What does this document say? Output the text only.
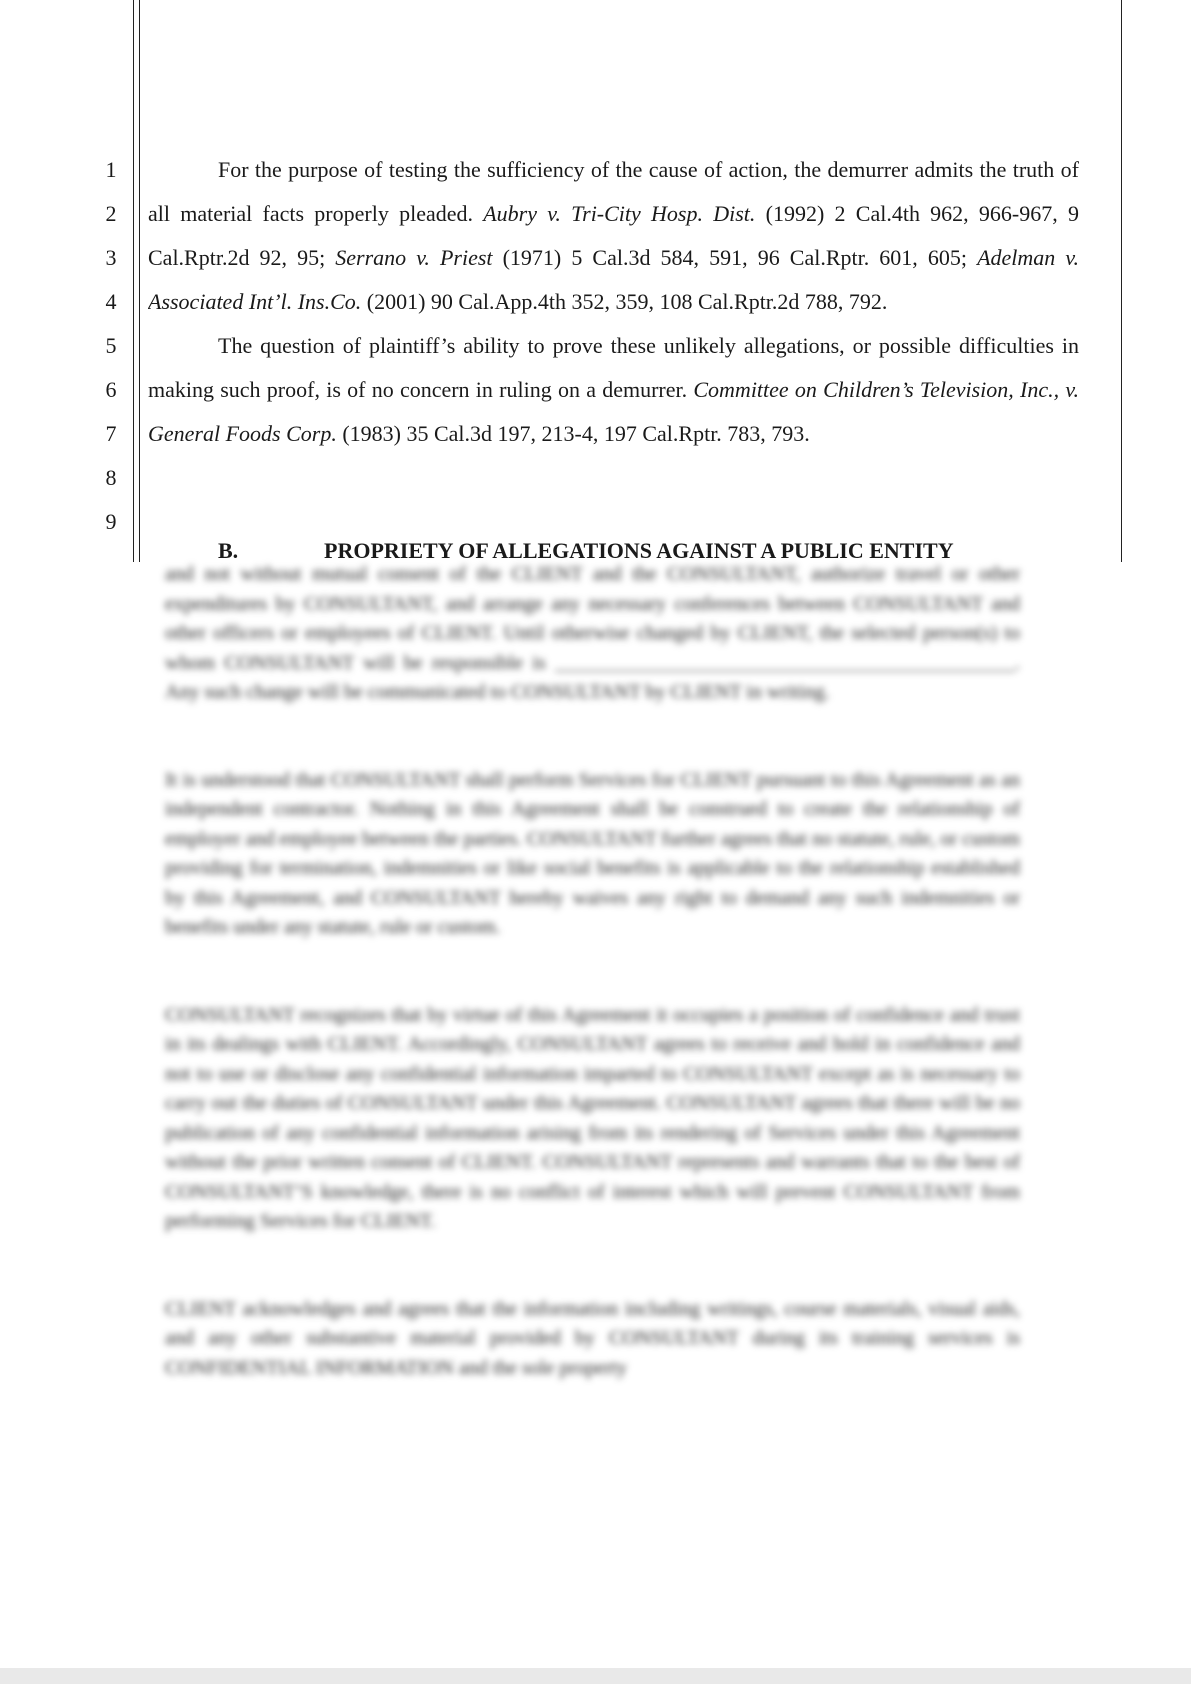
1
2
3
4
5
6
7
8
9

For the purpose of testing the sufficiency of the cause of action, the demurrer admits the truth of all material facts properly pleaded. Aubry v. Tri-City Hosp. Dist. (1992) 2 Cal.4th 962, 966-967, 9 Cal.Rptr.2d 92, 95; Serrano v. Priest (1971) 5 Cal.3d 584, 591, 96 Cal.Rptr. 601, 605; Adelman v. Associated Int’l. Ins.Co. (2001) 90 Cal.App.4th 352, 359, 108 Cal.Rptr.2d 788, 792.

The question of plaintiff’s ability to prove these unlikely allegations, or possible difficulties in making such proof, is of no concern in ruling on a demurrer. Committee on Children’s Television, Inc., v. General Foods Corp. (1983) 35 Cal.3d 197, 213-4, 197 Cal.Rptr. 783, 793.

B.	PROPRIETY OF ALLEGATIONS AGAINST A PUBLIC ENTITY

and not without mutual consent of the CLIENT and the CONSULTANT, authorize travel or other expenditures by CONSULTANT, and arrange any necessary conferences between CONSULTANT and other officers or employees of CLIENT. Until otherwise changed by CLIENT, the selected person(s) to whom CONSULTANT will be responsible is ______________________________________________. Any such change will be communicated to CONSULTANT by CLIENT in writing.

It is understood that CONSULTANT shall perform Services for CLIENT pursuant to this Agreement as an independent contractor. Nothing in this Agreement shall be construed to create the relationship of employer and employee between the parties. CONSULTANT further agrees that no statute, rule, or custom providing for termination, indemnities or like social benefits is applicable to the relationship established by this Agreement, and CONSULTANT hereby waives any right to demand any such indemnities or benefits under any statute, rule or custom.

CONSULTANT recognizes that by virtue of this Agreement it occupies a position of confidence and trust in its dealings with CLIENT. Accordingly, CONSULTANT agrees to receive and hold in confidence and not to use or disclose any confidential information imparted to CONSULTANT except as is necessary to carry out the duties of CONSULTANT under this Agreement. CONSULTANT agrees that there will be no publication of any confidential information arising from its rendering of Services under this Agreement without the prior written consent of CLIENT. CONSULTANT represents and warrants that to the best of CONSULTANT’S knowledge, there is no conflict of interest which will prevent CONSULTANT from performing Services for CLIENT.

CLIENT acknowledges and agrees that the information including writings, course materials, visual aids, and any other substantive material provided by CONSULTANT during its training services is CONFIDENTIAL INFORMATION and the sole property
